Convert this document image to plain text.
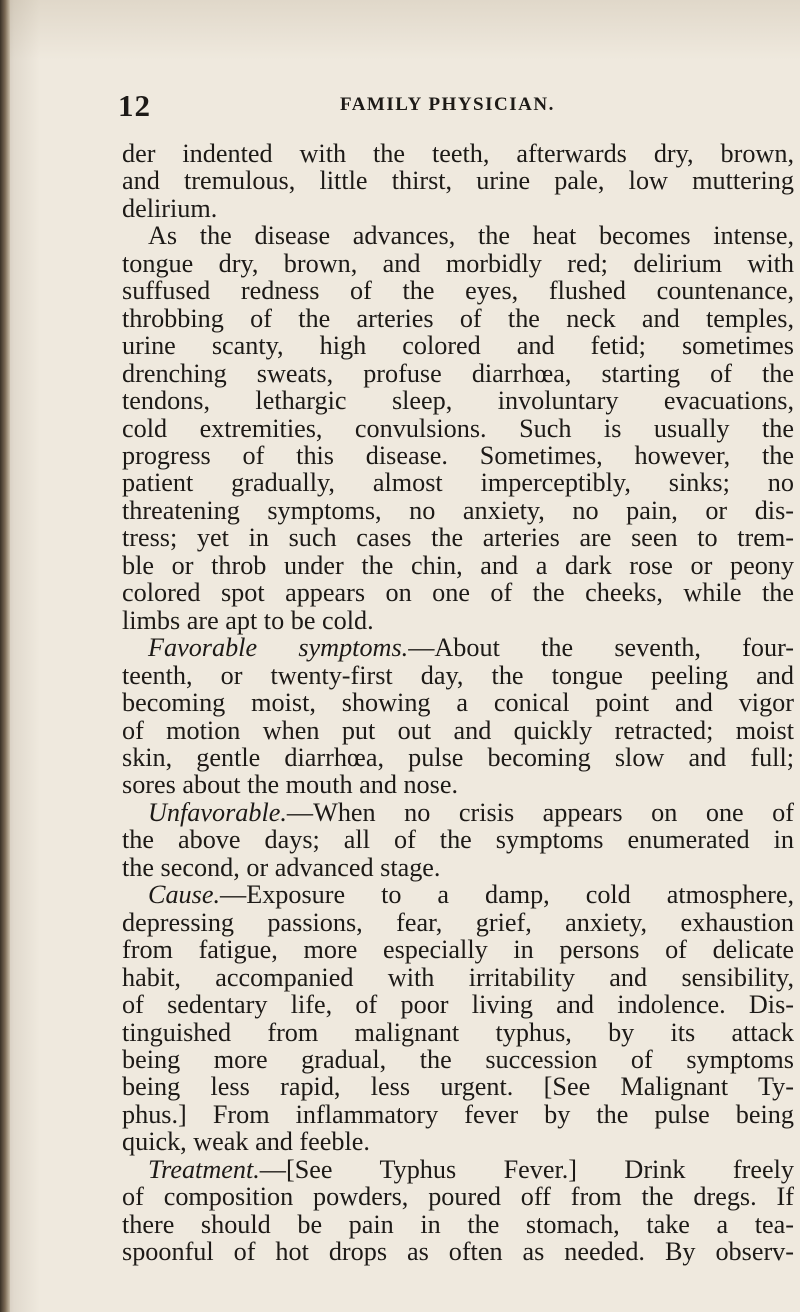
12	FAMILY PHYSICIAN.
der indented with the teeth, afterwards dry, brown,
and tremulous, little thirst, urine pale, low muttering
delirium.
As the disease advances, the heat becomes intense,
tongue dry, brown, and morbidly red; delirium with
suffused redness of the eyes, flushed countenance,
throbbing of the arteries of the neck and temples,
urine scanty, high colored and fetid; sometimes
drenching sweats, profuse diarrhœa, starting of the
tendons, lethargic sleep, involuntary evacuations,
cold extremities, convulsions. Such is usually the
progress of this disease. Sometimes, however, the
patient gradually, almost imperceptibly, sinks; no
threatening symptoms, no anxiety, no pain, or dis-
tress; yet in such cases the arteries are seen to trem-
ble or throb under the chin, and a dark rose or peony
colored spot appears on one of the cheeks, while the
limbs are apt to be cold.
Favorable symptoms.—About the seventh, four-
teenth, or twenty-first day, the tongue peeling and
becoming moist, showing a conical point and vigor
of motion when put out and quickly retracted; moist
skin, gentle diarrhœa, pulse becoming slow and full;
sores about the mouth and nose.
Unfavorable.—When no crisis appears on one of
the above days; all of the symptoms enumerated in
the second, or advanced stage.
Cause.—Exposure to a damp, cold atmosphere,
depressing passions, fear, grief, anxiety, exhaustion
from fatigue, more especially in persons of delicate
habit, accompanied with irritability and sensibility,
of sedentary life, of poor living and indolence. Dis-
tinguished from malignant typhus, by its attack
being more gradual, the succession of symptoms
being less rapid, less urgent. [See Malignant Ty-
phus.] From inflammatory fever by the pulse being
quick, weak and feeble.
Treatment.—[See Typhus Fever.] Drink freely
of composition powders, poured off from the dregs. If
there should be pain in the stomach, take a tea-
spoonful of hot drops as often as needed. By observ-
